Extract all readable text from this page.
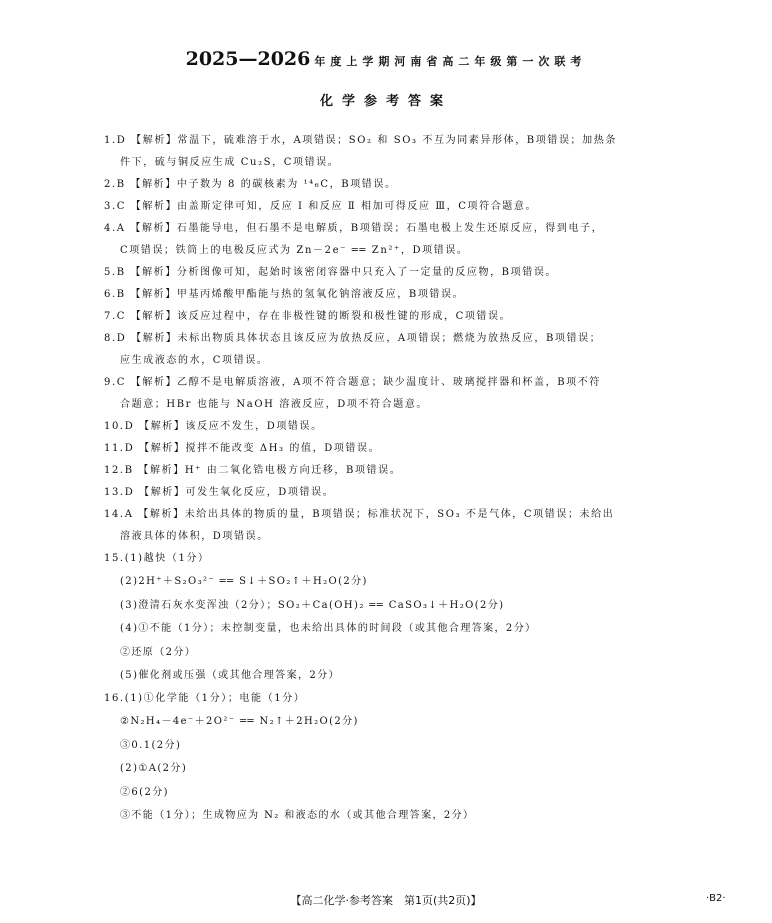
2025—2026 年度上学期河南省高二年级第一次联考
化学参考答案
1.D 【解析】常温下，硫难溶于水，A项错误；SO₂ 和 SO₃ 不互为同素异形体，B项错误；加热条
件下，硫与铜反应生成 Cu₂S，C项错误。
2.B 【解析】中子数为 8 的碳核素为 ¹⁴₆C，B项错误。
3.C 【解析】由盖斯定律可知，反应 Ⅰ 和反应 Ⅱ 相加可得反应 Ⅲ，C项符合题意。
4.A 【解析】石墨能导电，但石墨不是电解质，B项错误；石墨电极上发生还原反应，得到电子，
C项错误；铁筒上的电极反应式为 Zn－2e⁻ ══ Zn²⁺，D项错误。
5.B 【解析】分析图像可知，起始时该密闭容器中只充入了一定量的反应物，B项错误。
6.B 【解析】甲基丙烯酸甲酯能与热的氢氧化钠溶液反应，B项错误。
7.C 【解析】该反应过程中，存在非极性键的断裂和极性键的形成，C项错误。
8.D 【解析】未标出物质具体状态且该反应为放热反应，A项错误；燃烧为放热反应，B项错误；
应生成液态的水，C项错误。
9.C 【解析】乙醇不是电解质溶液，A项不符合题意；缺少温度计、玻璃搅拌器和杯盖，B项不符
合题意；HBr 也能与 NaOH 溶液反应，D项不符合题意。
10.D 【解析】该反应不发生，D项错误。
11.D 【解析】搅拌不能改变 ΔH₃ 的值，D项错误。
12.B 【解析】H⁺ 由二氧化锆电极方向迁移，B项错误。
13.D 【解析】可发生氧化反应，D项错误。
14.A 【解析】未给出具体的物质的量，B项错误；标准状况下，SO₃ 不是气体，C项错误；未给出
溶液具体的体积，D项错误。
15.(1)越快（1分）
(2)2H⁺＋S₂O₃²⁻ ══ S↓＋SO₂↑＋H₂O(2分)
(3)澄清石灰水变浑浊（2分）；SO₂＋Ca(OH)₂ ══ CaSO₃↓＋H₂O(2分)
(4)①不能（1分）；未控制变量，也未给出具体的时间段（或其他合理答案，2分）
②还原（2分）
(5)催化剂或压强（或其他合理答案，2分）
16.(1)①化学能（1分）；电能（1分）
②N₂H₄－4e⁻＋2O²⁻ ══ N₂↑＋2H₂O(2分)
③0.1(2分)
(2)①A(2分)
②6(2分)
③不能（1分）；生成物应为 N₂ 和液态的水（或其他合理答案，2分）
【高二化学·参考答案　第1页(共2页)】	·B2·
